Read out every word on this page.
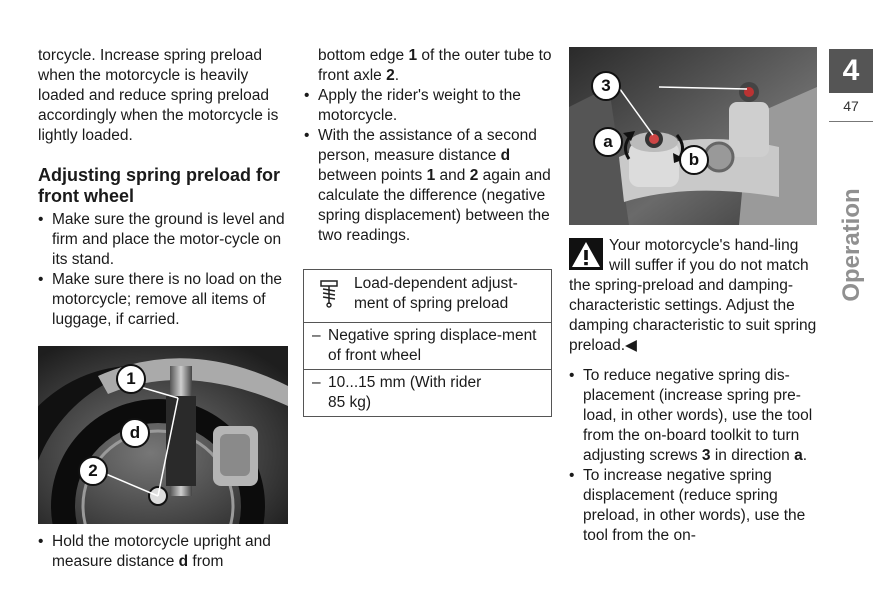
torcycle. Increase spring preload when the motorcycle is heavily loaded and reduce spring preload accordingly when the motorcycle is lightly loaded.

Adjusting spring preload for front wheel
• Make sure the ground is level and firm and place the motor-cycle on its stand.
• Make sure there is no load on the motorcycle; remove all items of luggage, if carried.
1
d
2
• Hold the motorcycle upright and measure distance d from

bottom edge 1 of the outer tube to front axle 2.

• Apply the rider's weight to the motorcycle.
• With the assistance of a second person, measure distance d between points 1 and 2 again and calculate the difference (negative spring displacement) between the two readings.
Load-dependent adjust-ment of spring preload
– Negative spring displace-ment of front wheel
– 10...15 mm (With rider
85 kg)
3
a
b

Your motorcycle's hand-ling will suffer if you do not match the spring-preload and damping-characteristic settings. Adjust the damping characteristic to suit spring preload.◀

• To reduce negative spring dis-placement (increase spring pre-load, in other words), use the tool from the on-board toolkit to turn adjusting screws 3 in direction a.
• To increase negative spring displacement (reduce spring preload, in other words), use the tool from the on-
4
47
Operation
